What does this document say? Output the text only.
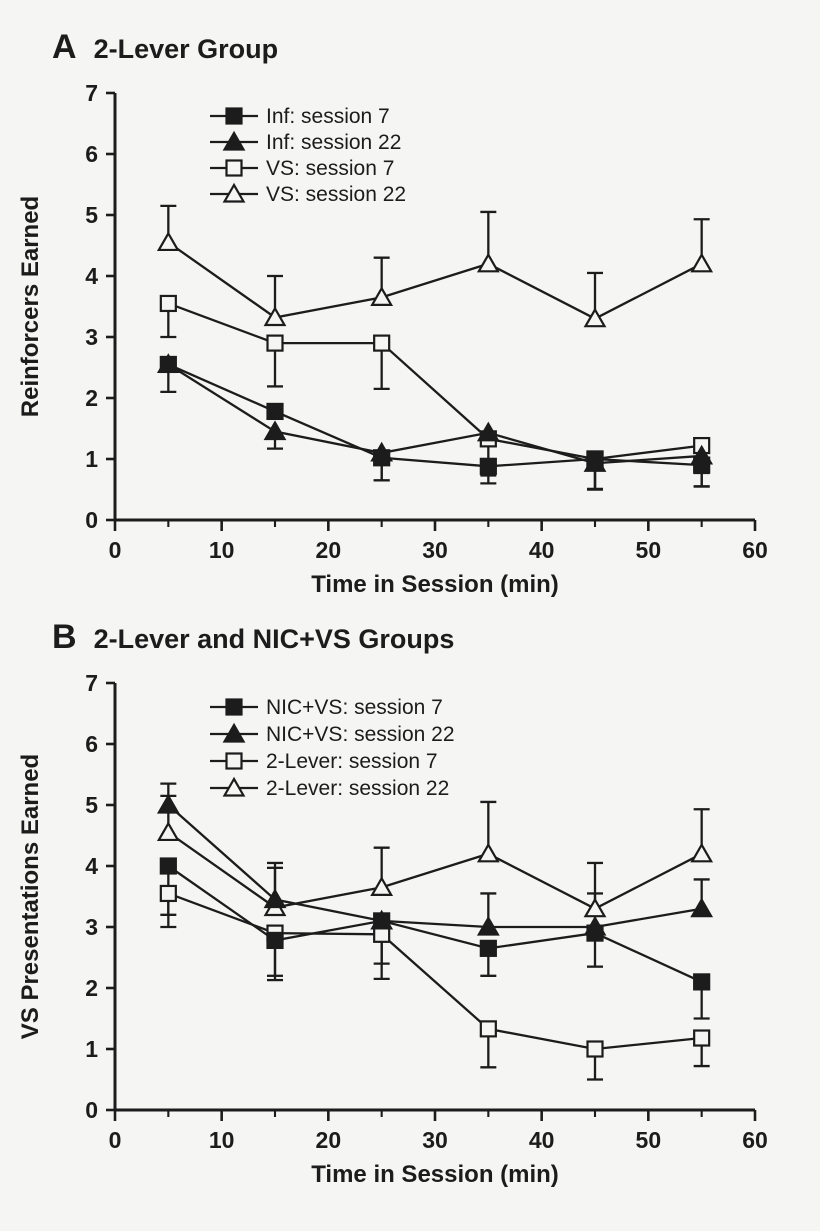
A 2-Lever Group
B 2-Lever and NIC+VS Groups
0
1
2
3
4
5
6
7
0	10	20	30	40	50	60
Time in Session (min)
Reinforcers Earned
Inf: session 7
Inf: session 22
VS: session 7
VS: session 22
0
1
2
3
4
5
6
7
0	10	20	30	40	50	60
Time in Session (min)
VS Presentations Earned
NIC+VS: session 7
NIC+VS: session 22
2-Lever: session 7
2-Lever: session 22
